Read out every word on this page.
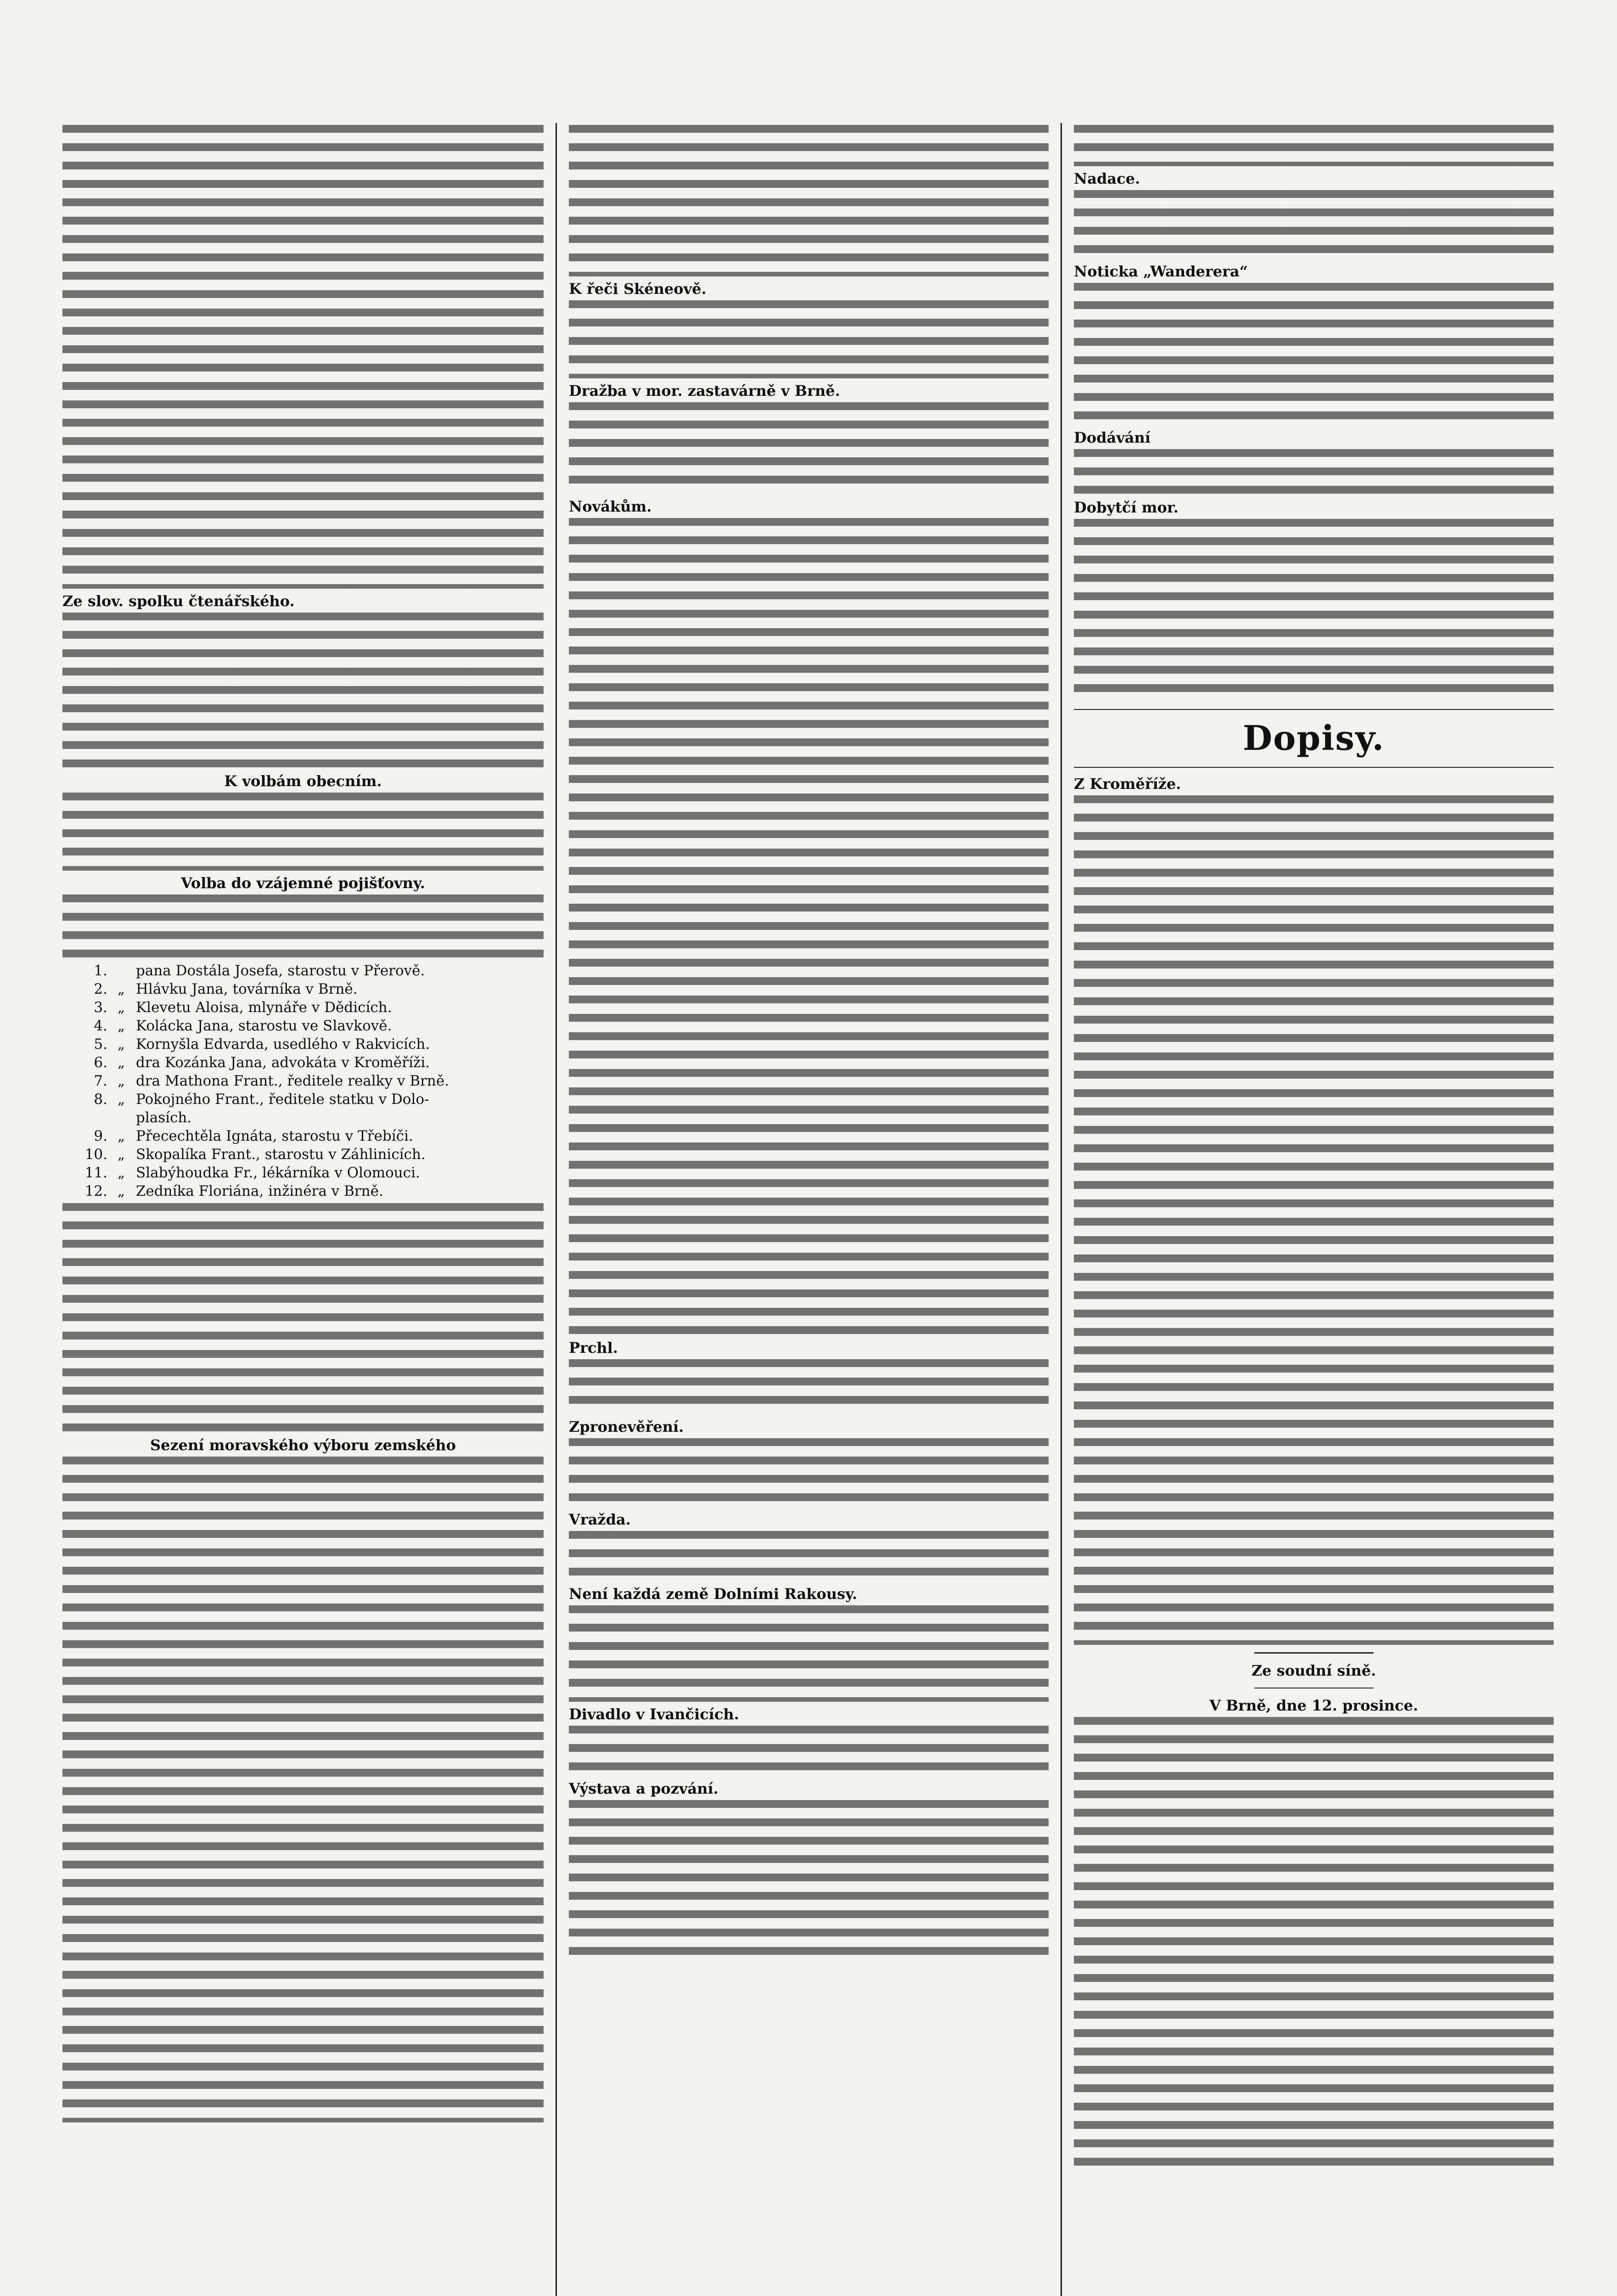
Ze slov. spolku čtenářského.
K volbám obecním.
Volba do vzájemné pojišťovny.
1. pana Dostála Josefa, starostu v Přerově.
2. „ Hlávku Jana, továrníka v Brně.
3. „ Klevetu Aloisa, mlynáře v Dědicích.
4. „ Kolácka Jana, starostu ve Slavkově.
5. „ Kornyšla Edvarda, usedlého v Rakvicích.
6. „ dra Kozánka Jana, advokáta v Kroměříži.
7. „ dra Mathona Frant., ředitele realky v Brně.
8. „ Pokojného Frant., ředitele statku v Dolo-
plasích.
9. „ Přecechtěla Ignáta, starostu v Třebíči.
10. „ Skopalíka Frant., starostu v Záhlinicích.
11. „ Slabýhoudka Fr., lékárníka v Olomouci.
12. „ Zedníka Floriána, inžinéra v Brně.
Sezení moravského výboru zemského
K řeči Skéneově.
Dražba v mor. zastavárně v Brně.
Novákům.
Prchl.
Zpronevěření.
Vražda.
Není každá země Dolními Rakousy.
Divadlo v Ivančicích.
Výstava a pozvání.
Nadace.
Noticka „Wanderera“
Dodávání
Dobytčí mor.
Dopisy.
Z Kroměříže.
Ze soudní síně.
V Brně, dne 12. prosince.
